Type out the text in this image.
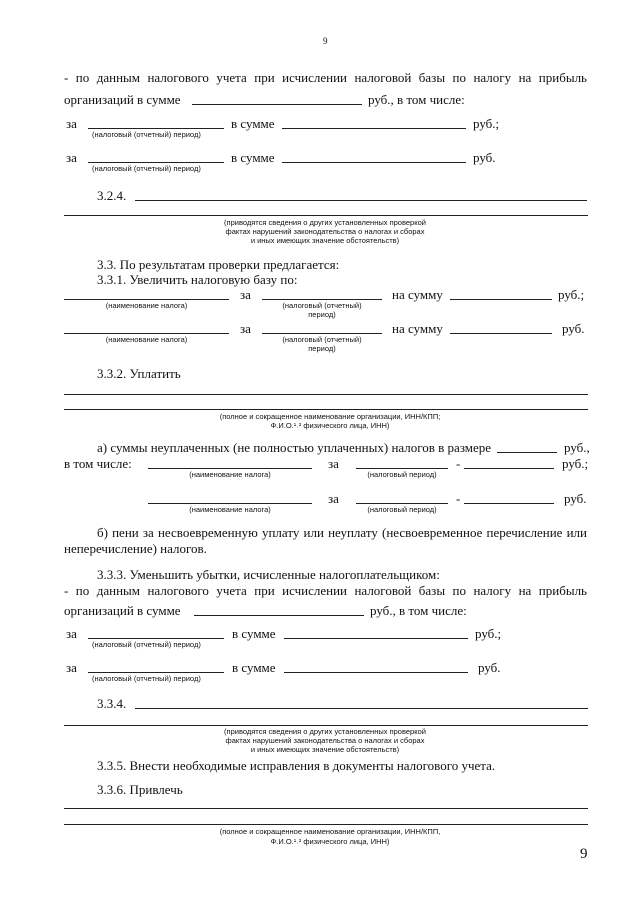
9
- по данным налогового учета при исчислении налоговой базы по налогу на прибыль
организаций в сумме	руб., в том числе:
за
(налоговый (отчетный) период)
в сумме	руб.;
за
(налоговый (отчетный) период)
в сумме	руб.
3.2.4.
(приводятся сведения о других установленных проверкой
фактах нарушений законодательства о налогах и сборах
и иных имеющих значение обстоятельств)
3.3. По результатам проверки предлагается:
3.3.1. Увеличить налоговую базу по:
(наименование налога)
за
(налоговый (отчетный)
период)
на сумму	руб.;
(наименование налога)
за
(налоговый (отчетный)
период)
на сумму	руб.
3.3.2. Уплатить
(полное и сокращенное наименование организации, ИНН/КПП;
Ф.И.О.¹˒² физического лица, ИНН)
а) суммы неуплаченных (не полностью уплаченных) налогов в размере	руб.,
в том числе:
(наименование налога)
за
(налоговый период)
-	руб.;
(наименование налога)
за
(налоговый период)
-	руб.
б) пени за несвоевременную уплату или неуплату (несвоевременное перечисление или
неперечисление) налогов.
3.3.3. Уменьшить убытки, исчисленные налогоплательщиком:
- по данным налогового учета при исчислении налоговой базы по налогу на прибыль
организаций в сумме	руб., в том числе:
за
(налоговый (отчетный) период)
в сумме	руб.;
за
(налоговый (отчетный) период)
в сумме	руб.
3.3.4.
(приводятся сведения о других установленных проверкой
фактах нарушений законодательства о налогах и сборах
и иных имеющих значение обстоятельств)
3.3.5. Внести необходимые исправления в документы налогового учета.
3.3.6. Привлечь
(полное и сокращенное наименование организации, ИНН/КПП,
Ф.И.О.¹˒² физического лица, ИНН)
9
